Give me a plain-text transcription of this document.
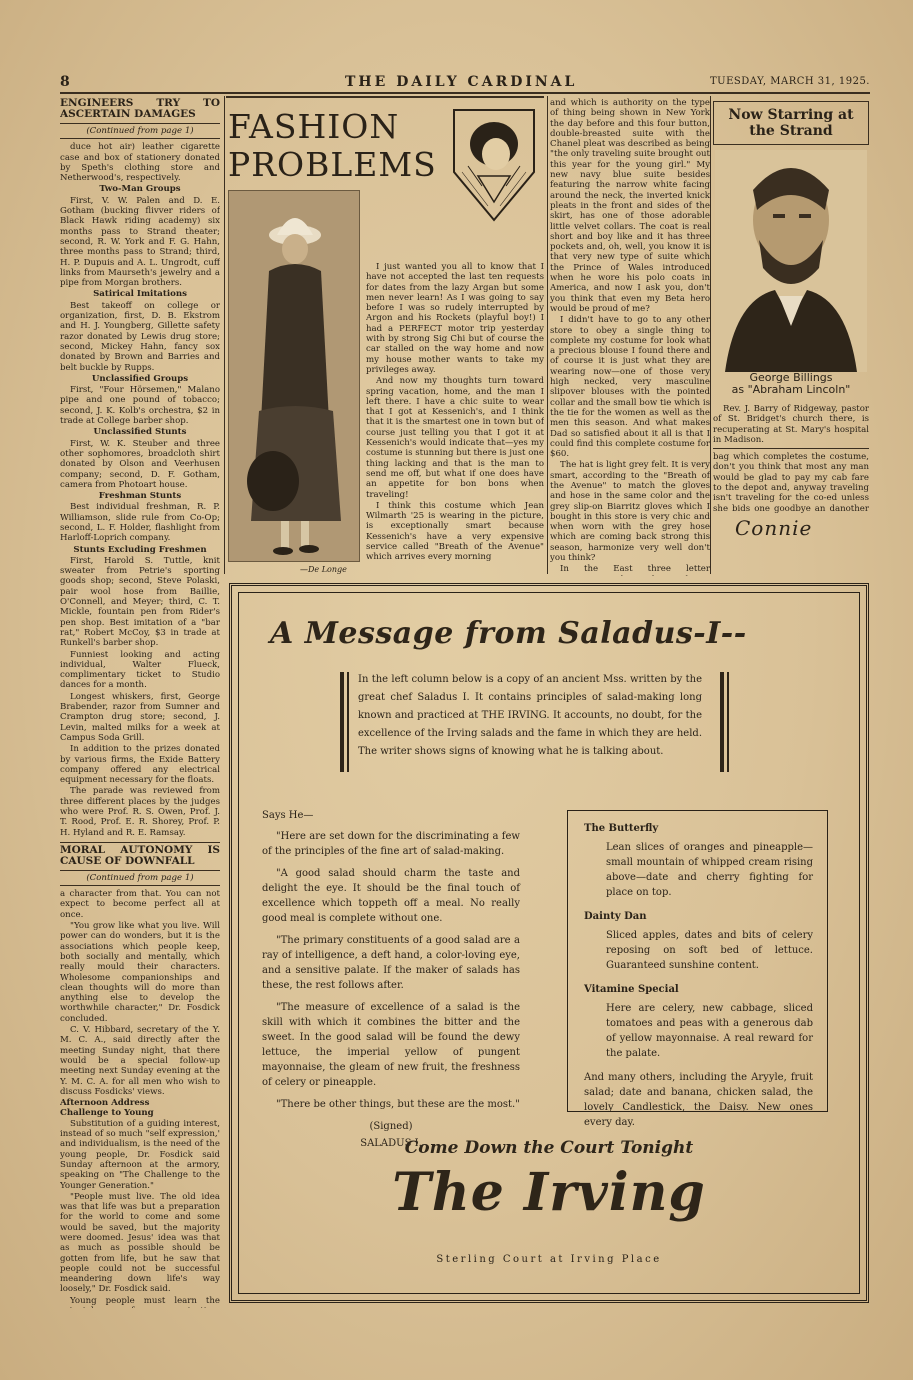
8	THE DAILY CARDINAL	TUESDAY, MARCH 31, 1925.
ENGINEERS TRY TO ASCERTAIN DAMAGES
(Continued from page 1)

duce hot air) leather cigarette case and box of stationery donated by Speth's clothing store and Netherwood's, respectively.

Two-Man Groups

First, V. W. Palen and D. E. Gotham (bucking flivver riders of Black Hawk riding academy) six months pass to Strand theater; second, R. W. York and F. G. Hahn, three months pass to Strand; third, H. P. Dupuis and A. L. Ungrodt, cuff links from Maurseth's jewelry and a pipe from Morgan brothers.

Satirical Imitations

Best takeoff on college or organization, first, D. B. Ekstrom and H. J. Youngberg, Gillette safety razor donated by Lewis drug store; second, Mickey Hahn, fancy sox donated by Brown and Barries and belt buckle by Rupps.

Unclassified Groups

First, "Four Hörsemen," Malano pipe and one pound of tobacco; second, J. K. Kolb's orchestra, $2 in trade at College barber shop.

Unclassified Stunts

First, W. K. Steuber and three other sophomores, broadcloth shirt donated by Olson and Veerhusen company; second, D. F. Gotham, camera from Photoart house.

Freshman Stunts

Best individual freshman, R. P. Williamson, slide rule from Co-Op; second, L. F. Holder, flashlight from Harloff-Loprich company.

Stunts Excluding Freshmen

First, Harold S. Tuttle, knit sweater from Petrie's sporting goods shop; second, Steve Polaski, pair wool hose from Baillie, O'Connell, and Meyer; third, C. T. Mickle, fountain pen from Rider's pen shop. Best imitation of a "bar rat," Robert McCoy, $3 in trade at Runkell's barber shop.

Funniest looking and acting individual, Walter Flueck, complimentary ticket to Studio dances for a month.

Longest whiskers, first, George Brabender, razor from Sumner and Crampton drug store; second, J. Levin, malted milks for a week at Campus Soda Grill.

In addition to the prizes donated by various firms, the Exide Battery company offered any electrical equipment necessary for the floats.

The parade was reviewed from three different places by the judges who were Prof. R. S. Owen, Prof. J. T. Rood, Prof. E. R. Shorey, Prof. P. H. Hyland and R. E. Ramsay.

MORAL AUTONOMY IS CAUSE OF DOWNFALL
(Continued from page 1)

a character from that. You can not expect to become perfect all at once.

"You grow like what you live. Will power can do wonders, but it is the associations which people keep, both socially and mentally, which really mould their characters. Wholesome companionships and clean thoughts will do more than anything else to develop the worthwhile character," Dr. Fosdick concluded.

C. V. Hibbard, secretary of the Y. M. C. A., said directly after the meeting Sunday night, that there would be a special follow-up meeting next Sunday evening at the Y. M. C. A. for all men who wish to discuss Fosdicks' views.

Afternoon Address
Challenge to Young

Substitution of a guiding interest, instead of so much "self expression,' and individualism, is the need of the young people, Dr. Fosdick said Sunday afternoon at the armory, speaking on "The Challenge to the Younger Generation."

"People must live. The old idea was that life was but a preparation for the world to come and some would be saved, but the majority were doomed. Jesus' idea was that as much as possible should be gotten from life, but he saw that people could not be successful meandering down life's way loosely," Dr. Fosdick said.

Young people must learn the

FASHION
PROBLEMS
—De Longe

I just wanted you all to know that I have not accepted the last ten requests for dates from the lazy Argan but some men never learn! As I was going to say before I was so rudely interrupted by Argon and his Rockets (playful boy!) I had a PERFECT motor trip yesterday with by strong Sig Chi but of course the car stalled on the way home and now my house mother wants to take my privileges away.

And now my thoughts turn toward spring vacation, home, and the man I left there. I have a chic suite to wear that I got at Kessenich's, and I think that it is the smartest one in town but of course just telling you that I got it at Kessenich's would indicate that—yes my costume is stunning but there is just one thing lacking and that is the man to send me off, but what if one does have an appetite for bon bons when traveling!

I think this costume which Jean Wilmarth '25 is wearing in the picture, is exceptionally smart because Kessenich's have a very expensive service called "Breath of the Avenue" which arrives every morning

and which is authority on the type of thing being shown in New York the day before and this four button, double-breasted suite with the Chanel pleat was described as being "the only traveling suite brought out this year for the young girl." My new navy blue suite besides featuring the narrow white facing around the neck, the inverted knick pleats in the front and sides of the skirt, has one of those adorable little velvet collars. The coat is real short and boy like and it has three pockets and, oh, well, you know it is that very new type of suite which the Prince of Wales introduced when he wore his polo coats in America, and now I ask you, don't you think that even my Beta hero would be proud of me?

I didn't have to go to any other store to obey a single thing to complete my costume for look what a precious blouse I found there and of course it is just what they are wearing now—one of those very high necked, very masculine slipover blouses with the pointed collar and the small bow tie which is the tie for the women as well as the men this season. And what makes Dad so satisfied about it all is that I could find this complete costume for $60.

The hat is light grey felt. It is very smart, according to the "Breath of the Avenue" to match the gloves and hose in the same color and the grey slip-on Biarritz gloves which I bought in this store is very chic and when worn with the grey hose which are coming back strong this season, harmonize very well don't you think?

In the East three letter

Now Starring at the Strand
George Billings
as "Abraham Lincoln"

Rev. J. Barry of Ridgeway, pastor of St. Bridget's church there, is recuperating at St. Mary's hospital in Madison.

bag which completes the costume, don't you think that most any man would be glad to pay my cab fare to the depot and, anyway traveling isn't traveling for the co-ed unless she bids one goodbye an danother

Connie
A Message from Saladus-I--
In the left column below is a copy of an ancient Mss. written by the great chef Saladus I. It contains principles of salad-making long known and practiced at THE IRVING. It accounts, no doubt, for the excellence of the Irving salads and the fame in which they are held. The writer shows signs of knowing what he is talking about.

Says He—

"Here are set down for the discriminating a few of the principles of the fine art of salad-making.

"A good salad should charm the taste and delight the eye. It should be the final touch of excellence which toppeth off a meal. No really good meal is complete without one.

"The primary constituents of a good salad are a ray of intelligence, a deft hand, a color-loving eye, and a sensitive palate. If the maker of salads has these, the rest follows after.

"The measure of excellence of a salad is the skill with which it combines the bitter and the sweet. In the good salad will be found the dewy lettuce, the imperial yellow of pungent mayonnaise, the gleam of new fruit, the freshness of celery or pineapple.

"There be other things, but these are the most."

(Signed)

SALADUS I.

The Butterfly
Lean slices of oranges and pineapple—small mountain of whipped cream rising above—date and cherry fighting for place on top.
Dainty Dan
Sliced apples, dates and bits of celery reposing on soft bed of lettuce. Guaranteed sunshine content.
Vitamine Special
Here are celery, new cabbage, sliced tomatoes and peas with a generous dab of yellow mayonnaise. A real reward for the palate.
And many others, including the Aryyle, fruit salad; date and banana, chicken salad, the lovely Candlestick, the Daisy. New ones every day.
Come Down the Court Tonight
The Irving
Sterling Court at Irving Place
